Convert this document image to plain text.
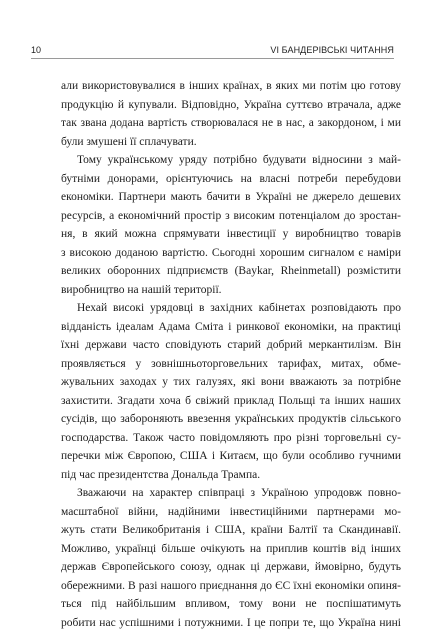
10	VI БАНДЕРІВСЬКІ ЧИТАННЯ
али використовувалися в інших країнах, в яких ми потім цю готову
продукцію й купували. Відповідно, Україна суттєво втрачала, адже
так звана додана вартість створювалася не в нас, а закордоном, і ми
були змушені її сплачувати.
Тому українському уряду потрібно будувати відносини з май-
бутніми донорами, орієнтуючись на власні потреби перебудови
економіки. Партнери мають бачити в Україні не джерело дешевих
ресурсів, а економічний простір з високим потенціалом до зростан-
ня, в який можна спрямувати інвестиції у виробництво товарів
з високою доданою вартістю. Сьогодні хорошим сигналом є наміри
великих оборонних підприємств (Baykar, Rheinmetall) розмістити
виробництво на нашій території.
Нехай високі урядовці в західних кабінетах розповідають про
відданість ідеалам Адама Сміта і ринкової економіки, на практиці
їхні держави часто сповідують старий добрий меркантилізм. Він
проявляється у зовнішньоторговельних тарифах, митах, обме-
жувальних заходах у тих галузях, які вони вважають за потрібне
захистити. Згадати хоча б свіжий приклад Польщі та інших наших
сусідів, що забороняють ввезення українських продуктів сільського
господарства. Також часто повідомляють про різні торговельні су-
перечки між Європою, США і Китаєм, що були особливо гучними
під час президентства Дональда Трампа.
Зважаючи на характер співпраці з Україною упродовж повно-
масштабної війни, надійними інвестиційними партнерами мо-
жуть стати Великобританія і США, країни Балтії та Скандинавії.
Можливо, українці більше очікують на приплив коштів від інших
держав Європейського союзу, однак ці держави, ймовірно, будуть
обережними. В разі нашого приєднання до ЄС їхні економіки опиня-
ться під найбільшим впливом, тому вони не поспішатимуть
робити нас успішними і потужними. І це попри те, що Україна нині
